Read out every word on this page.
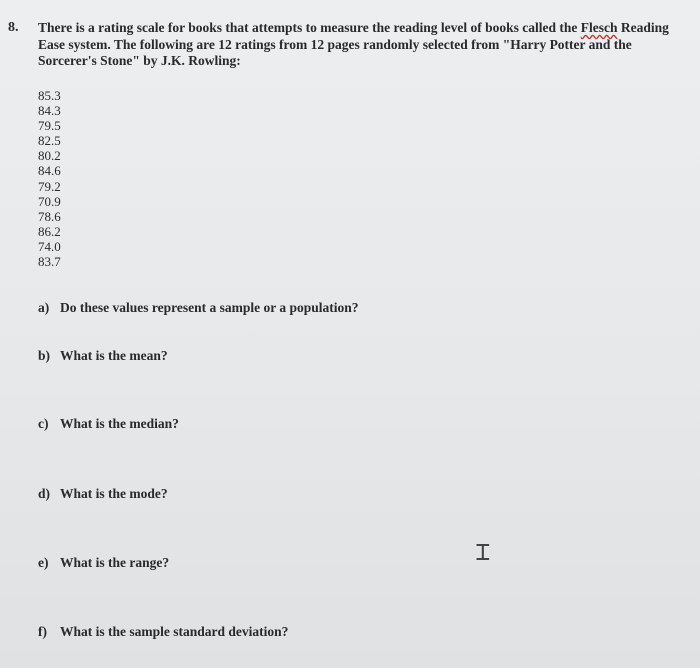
8. There is a rating scale for books that attempts to measure the reading level of books called the Flesch Reading Ease system. The following are 12 ratings from 12 pages randomly selected from "Harry Potter and the Sorcerer's Stone" by J.K. Rowling:
85.3
84.3
79.5
82.5
80.2
84.6
79.2
70.9
78.6
86.2
74.0
83.7
a) Do these values represent a sample or a population?
b) What is the mean?
c) What is the median?
d) What is the mode?
e) What is the range?
f) What is the sample standard deviation?
Ꮖ
